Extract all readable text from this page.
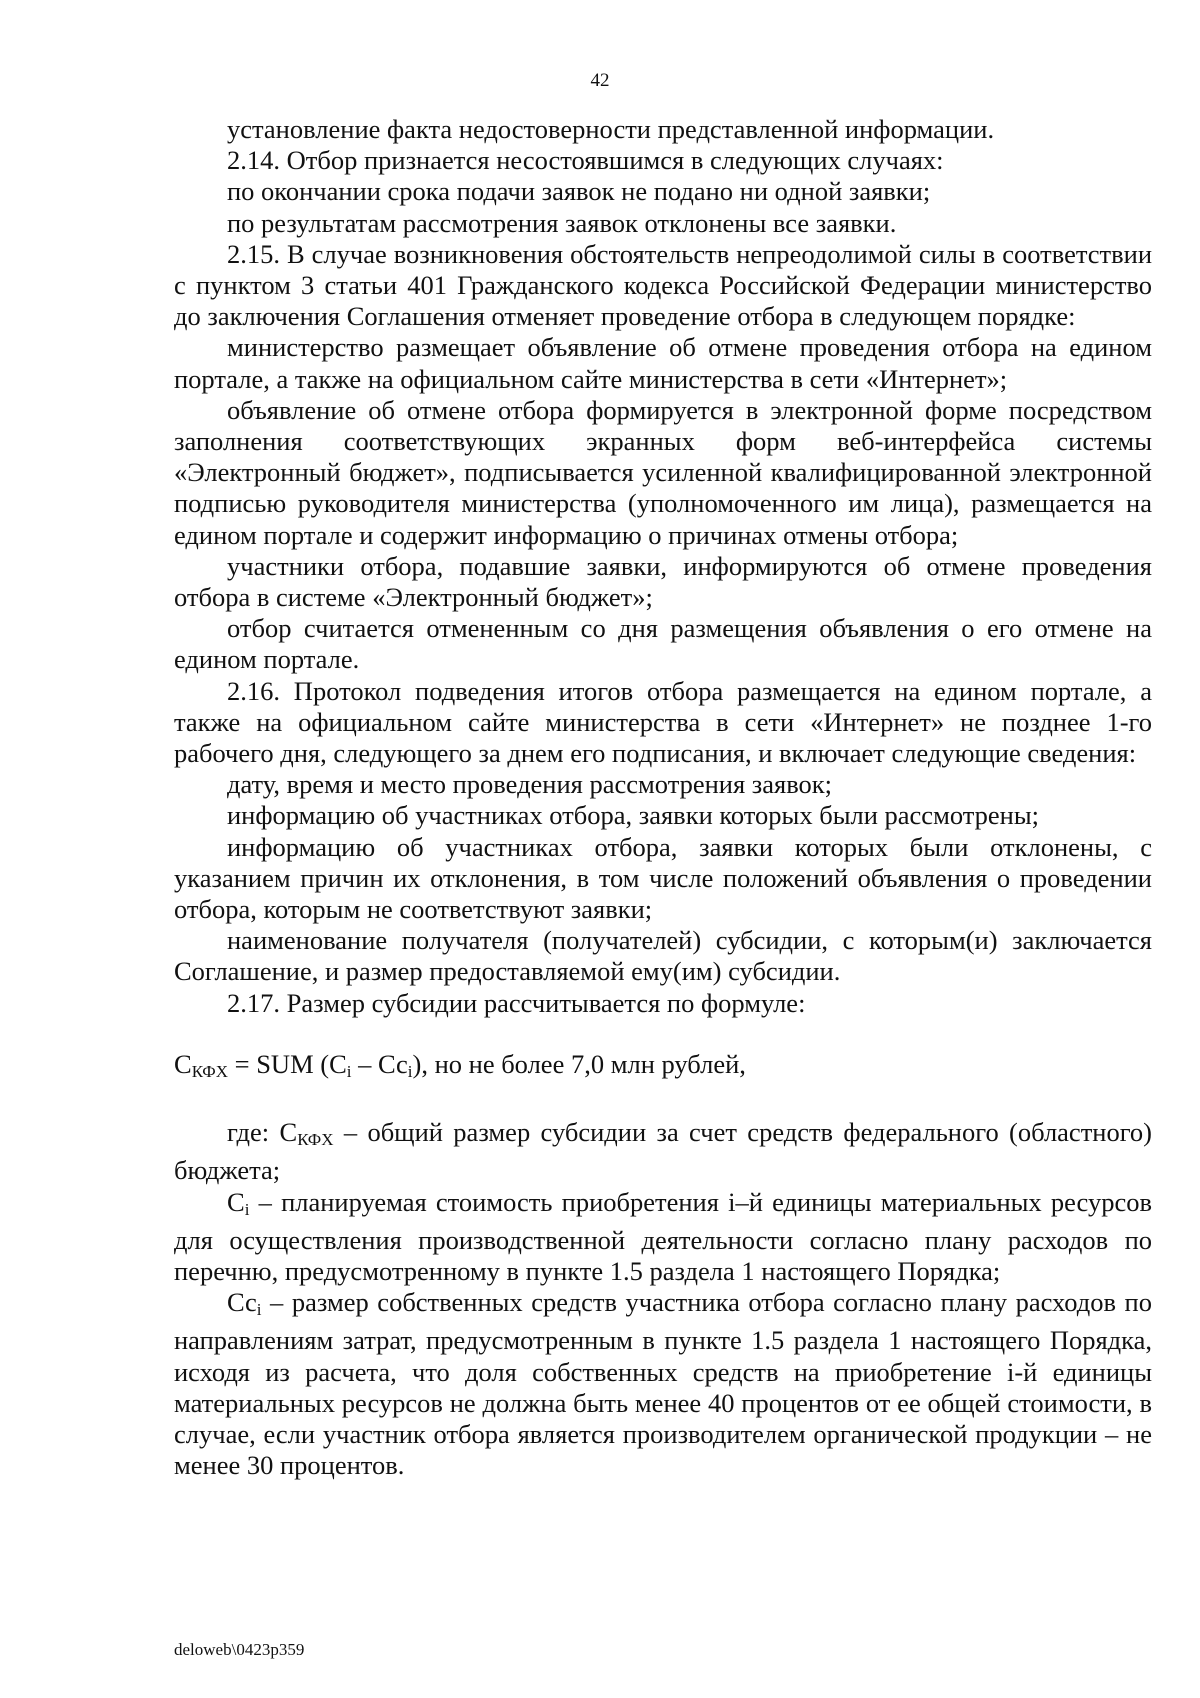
42

установление факта недостоверности представленной информации.

2.14. Отбор признается несостоявшимся в следующих случаях:

по окончании срока подачи заявок не подано ни одной заявки;

по результатам рассмотрения заявок отклонены все заявки.

2.15. В случае возникновения обстоятельств непреодолимой силы в соответствии с пунктом 3 статьи 401 Гражданского кодекса Российской Федерации министерство до заключения Соглашения отменяет проведение отбора в следующем порядке:

министерство размещает объявление об отмене проведения отбора на едином портале, а также на официальном сайте министерства в сети «Интернет»;

объявление об отмене отбора формируется в электронной форме посредством заполнения соответствующих экранных форм веб-интерфейса системы «Электронный бюджет», подписывается усиленной квалифицированной электронной подписью руководителя министерства (уполномоченного им лица), размещается на едином портале и содержит информацию о причинах отмены отбора;

участники отбора, подавшие заявки, информируются об отмене проведения отбора в системе «Электронный бюджет»;

отбор считается отмененным со дня размещения объявления о его отмене на едином портале.

2.16. Протокол подведения итогов отбора размещается на едином портале, а также на официальном сайте министерства в сети «Интернет» не позднее 1-го рабочего дня, следующего за днем его подписания, и включает следующие сведения:

дату, время и место проведения рассмотрения заявок;

информацию об участниках отбора, заявки которых были рассмотрены;

информацию об участниках отбора, заявки которых были отклонены, с указанием причин их отклонения, в том числе положений объявления о проведении отбора, которым не соответствуют заявки;

наименование получателя (получателей) субсидии, с которым(и) заключается Соглашение, и размер предоставляемой ему(им) субсидии.

2.17. Размер субсидии рассчитывается по формуле:

$С_{КФХ}$ = SUM $(С_i - Сс_i)$, но не более 7,0 млн рублей,

где: $С_{КФХ}$ – общий размер субсидии за счет средств федерального (областного) бюджета;

$С_i$ – планируемая стоимость приобретения i–й единицы материальных ресурсов для осуществления производственной деятельности согласно плану расходов по перечню, предусмотренному в пункте 1.5 раздела 1 настоящего Порядка;

$Сс_i$ – размер собственных средств участника отбора согласно плану расходов по направлениям затрат, предусмотренным в пункте 1.5 раздела 1 настоящего Порядка, исходя из расчета, что доля собственных средств на приобретение i-й единицы материальных ресурсов не должна быть менее 40 процентов от ее общей стоимости, в случае, если участник отбора является производителем органической продукции – не менее 30 процентов.

deloweb\0423p359
